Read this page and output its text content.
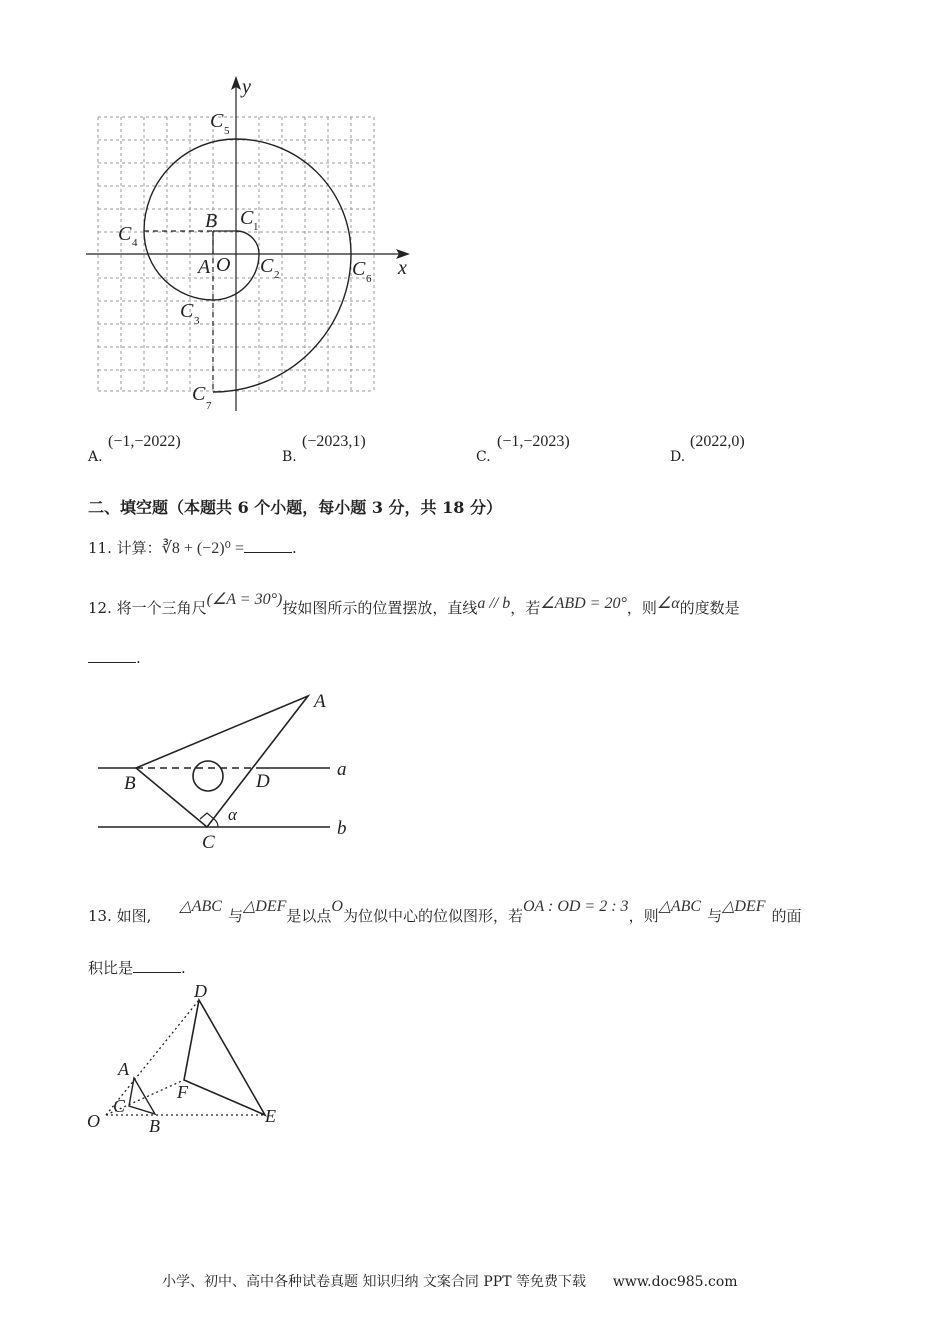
y
x
O
A
B C 1
C 2
C 3
C 4
C 5
C 6
C
7
A.
(−1,−2022)
B.
(−2023,1)
C.
(−1,−2023)
D.
(2022,0)
二、填空题（本题共 6 个小题，每小题 3 分，共 18 分）
11. 计算：∛8 + (−2)⁰ =	.
12. 将一个三角尺(∠A = 30°)按如图所示的位置摆放，直线a // b，若∠ABD = 20°，则∠α的度数是
.
A
B
C
D
a
b
α
13. 如图,△ABC与△DEF是以点O为位似中心的位似图形，若OA : OD = 2 : 3，则△ABC与△DEF的面
积比是	.
D
A
F
C
O	B	E
小学、初中、高中各种试卷真题 知识归纳 文案合同 PPT 等免费下载 www.doc985.com
